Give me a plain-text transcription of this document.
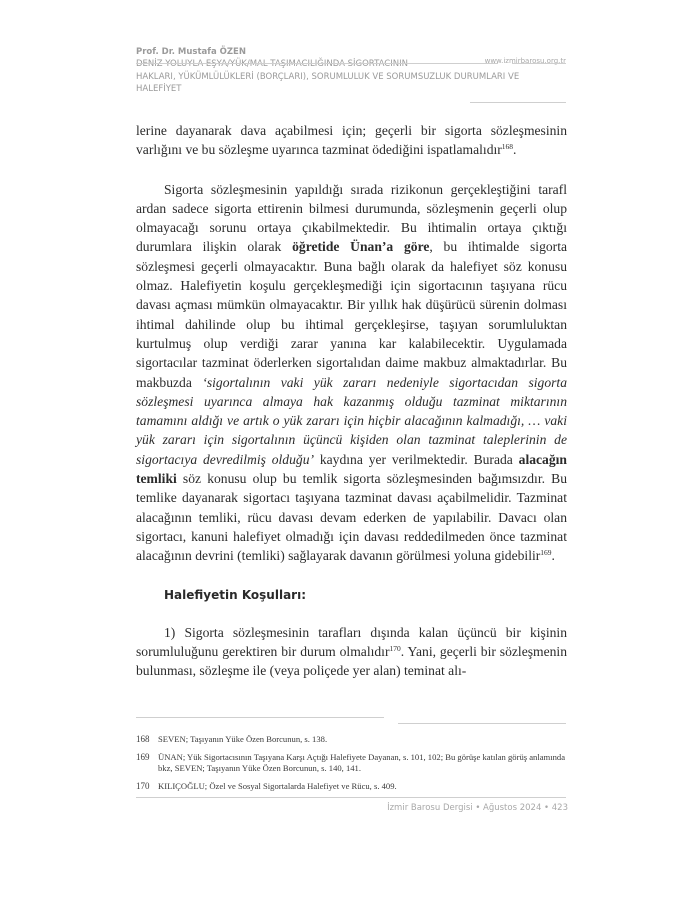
Prof. Dr. Mustafa ÖZEN
DENİZ YOLUYLA EŞYA/YÜK/MAL TAŞIMACILIĞINDA SİGORTACININ
HAKLARI, YÜKÜMLÜLÜKLERİ (BORÇLARI), SORUMLULUK VE SORUMSUZLUK DURUMLARI VE
HALEFİYET
www.izmirbarosu.org.tr

lerine dayanarak dava açabilmesi için; geçerli bir sigorta sözleşmesinin varlığını ve bu sözleşme uyarınca tazminat ödediğini ispatlamalıdır$^{168}$.

Sigorta sözleşmesinin yapıldığı sırada rizikonun gerçekleştiğini tarafl ardan sadece sigorta ettirenin bilmesi durumunda, sözleşmenin geçerli olup olmayacağı sorunu ortaya çıkabilmektedir. Bu ihtimalin ortaya çıktığı durumlara ilişkin olarak öğretide Ünan’a göre, bu ihtimalde sigorta sözleşmesi geçerli olmayacaktır. Buna bağlı olarak da halefiyet söz konusu olmaz. Halefiyetin koşulu gerçekleşmediği için sigortacının taşıyana rücu davası açması mümkün olmayacaktır. Bir yıllık hak düşürücü sürenin dolması ihtimal dahilinde olup bu ihtimal gerçekleşirse, taşıyan sorumluluktan kurtulmuş olup verdiği zarar yanına kar kalabilecektir. Uygulamada sigortacılar tazminat öderlerken sigortalıdan daime makbuz almaktadırlar. Bu makbuzda ‘sigortalının vaki yük zararı nedeniyle sigortacıdan sigorta sözleşmesi uyarınca almaya hak kazanmış olduğu tazminat miktarının tamamını aldığı ve artık o yük zararı için hiçbir alacağının kalmadığı, … vaki yük zararı için sigortalının üçüncü kişiden olan tazminat taleplerinin de sigortacıya devredilmiş olduğu’ kaydına yer verilmektedir. Burada alacağın temliki söz konusu olup bu temlik sigorta sözleşmesinden bağımsızdır. Bu temlike dayanarak sigortacı taşıyana tazminat davası açabilmelidir. Tazminat alacağının temliki, rücu davası devam ederken de yapılabilir. Davacı olan sigortacı, kanuni halefiyet olmadığı için davası reddedilmeden önce tazminat alacağının devrini (temliki) sağlayarak davanın görülmesi yoluna gidebilir$^{169}$.

Halefiyetin Koşulları:

1) Sigorta sözleşmesinin tarafları dışında kalan üçüncü bir kişinin sorumluluğunu gerektiren bir durum olmalıdır$^{170}$. Yani, geçerli bir sözleşmenin bulunması, sözleşme ile (veya poliçede yer alan) teminat alı-

168 SEVEN; Taşıyanın Yüke Özen Borcunun, s. 138.
169 ÜNAN; Yük Sigortacısının Taşıyana Karşı Açtığı Halefiyete Dayanan, s. 101, 102; Bu görüşe katılan görüş anlamında bkz, SEVEN; Taşıyanın Yüke Özen Borcunun, s. 140, 141.
170 KILIÇOĞLU; Özel ve Sosyal Sigortalarda Halefiyet ve Rücu, s. 409.
İzmir Barosu Dergisi • Ağustos 2024 • 423
